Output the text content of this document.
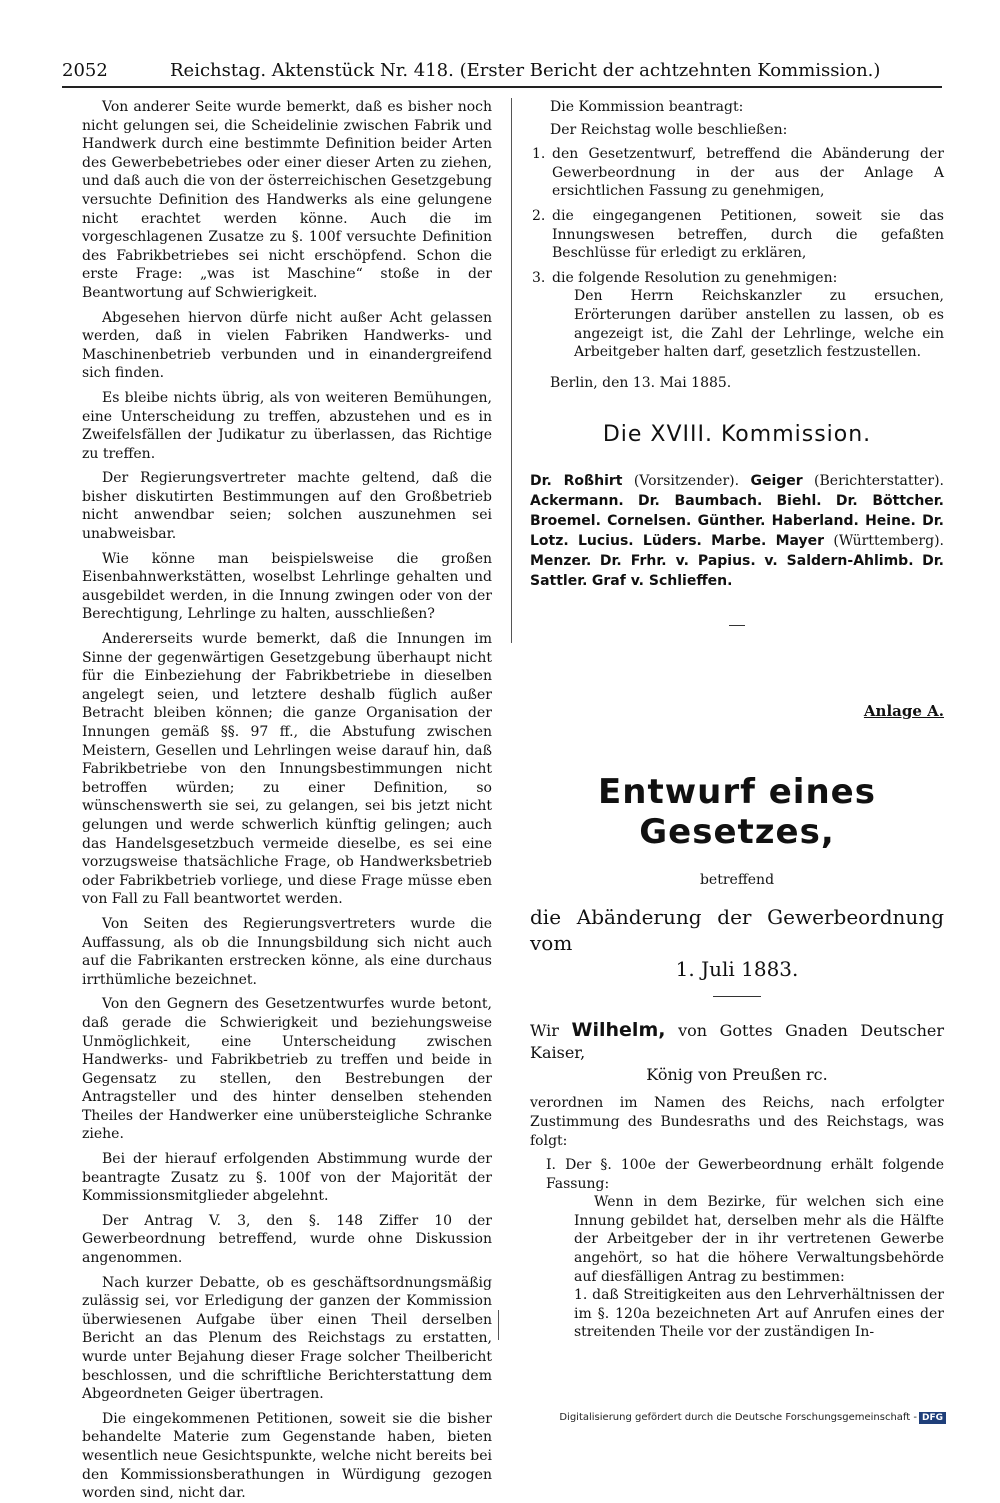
2052	Reichstag. Aktenstück Nr. 418. (Erster Bericht der achtzehnten Kommission.)

Von anderer Seite wurde bemerkt, daß es bisher noch nicht gelungen sei, die Scheidelinie zwischen Fabrik und Handwerk durch eine bestimmte Definition beider Arten des Gewerbebetriebes oder einer dieser Arten zu ziehen, und daß auch die von der österreichischen Gesetzgebung versuchte Definition des Handwerks als eine gelungene nicht erachtet werden könne. Auch die im vorgeschlagenen Zusatze zu §. 100f versuchte Definition des Fabrikbetriebes sei nicht erschöpfend. Schon die erste Frage: „was ist Maschine“ stoße in der Beantwortung auf Schwierigkeit.

Abgesehen hiervon dürfe nicht außer Acht gelassen werden, daß in vielen Fabriken Handwerks- und Maschinenbetrieb verbunden und in einandergreifend sich finden.

Es bleibe nichts übrig, als von weiteren Bemühungen, eine Unterscheidung zu treffen, abzustehen und es in Zweifelsfällen der Judikatur zu überlassen, das Richtige zu treffen.

Der Regierungsvertreter machte geltend, daß die bisher diskutirten Bestimmungen auf den Großbetrieb nicht anwendbar seien; solchen auszunehmen sei unabweisbar.

Wie könne man beispielsweise die großen Eisenbahnwerkstätten, woselbst Lehrlinge gehalten und ausgebildet werden, in die Innung zwingen oder von der Berechtigung, Lehrlinge zu halten, ausschließen?

Andererseits wurde bemerkt, daß die Innungen im Sinne der gegenwärtigen Gesetzgebung überhaupt nicht für die Einbeziehung der Fabrikbetriebe in dieselben angelegt seien, und letztere deshalb füglich außer Betracht bleiben können; die ganze Organisation der Innungen gemäß §§. 97 ff., die Abstufung zwischen Meistern, Gesellen und Lehrlingen weise darauf hin, daß Fabrikbetriebe von den Innungsbestimmungen nicht betroffen würden; zu einer Definition, so wünschenswerth sie sei, zu gelangen, sei bis jetzt nicht gelungen und werde schwerlich künftig gelingen; auch das Handelsgesetzbuch vermeide dieselbe, es sei eine vorzugsweise thatsächliche Frage, ob Handwerksbetrieb oder Fabrikbetrieb vorliege, und diese Frage müsse eben von Fall zu Fall beantwortet werden.

Von Seiten des Regierungsvertreters wurde die Auffassung, als ob die Innungsbildung sich nicht auch auf die Fabrikanten erstrecken könne, als eine durchaus irrthümliche bezeichnet.

Von den Gegnern des Gesetzentwurfes wurde betont, daß gerade die Schwierigkeit und beziehungsweise Unmöglichkeit, eine Unterscheidung zwischen Handwerks- und Fabrikbetrieb zu treffen und beide in Gegensatz zu stellen, den Bestrebungen der Antragsteller und des hinter denselben stehenden Theiles der Handwerker eine unübersteigliche Schranke ziehe.

Bei der hierauf erfolgenden Abstimmung wurde der beantragte Zusatz zu §. 100f von der Majorität der Kommissionsmitglieder abgelehnt.

Der Antrag V. 3, den §. 148 Ziffer 10 der Gewerbeordnung betreffend, wurde ohne Diskussion angenommen.

Nach kurzer Debatte, ob es geschäftsordnungsmäßig zulässig sei, vor Erledigung der ganzen der Kommission überwiesenen Aufgabe über einen Theil derselben Bericht an das Plenum des Reichstags zu erstatten, wurde unter Bejahung dieser Frage solcher Theilbericht beschlossen, und die schriftliche Berichterstattung dem Abgeordneten Geiger übertragen.

Die eingekommenen Petitionen, soweit sie die bisher behandelte Materie zum Gegenstande haben, bieten wesentlich neue Gesichtspunkte, welche nicht bereits bei den Kommissionsberathungen in Würdigung gezogen worden sind, nicht dar.

Die Kommission beantragt:

Der Reichstag wolle beschließen:

1. den Gesetzentwurf, betreffend die Abänderung der Gewerbeordnung in der aus der Anlage A ersichtlichen Fassung zu genehmigen,
2. die eingegangenen Petitionen, soweit sie das Innungswesen betreffen, durch die gefaßten Beschlüsse für erledigt zu erklären,
3. die folgende Resolution zu genehmigen:

Den Herrn Reichskanzler zu ersuchen, Erörterungen darüber anstellen zu lassen, ob es angezeigt ist, die Zahl der Lehrlinge, welche ein Arbeitgeber halten darf, gesetzlich festzustellen.

Berlin, den 13. Mai 1885.

Die XVIII. Kommission.
Dr. Roßhirt (Vorsitzender). Geiger (Berichterstatter). Ackermann. Dr. Baumbach. Biehl. Dr. Böttcher. Broemel. Cornelsen. Günther. Haberland. Heine. Dr. Lotz. Lucius. Lüders. Marbe. Mayer (Württemberg). Menzer. Dr. Frhr. v. Papius. v. Saldern-Ahlimb. Dr. Sattler. Graf v. Schlieffen.
Anlage A.
Entwurf eines Gesetzes,
betreffend
die Abänderung der Gewerbeordnung vom
1. Juli 1883.
Wir Wilhelm, von Gottes Gnaden Deutscher Kaiser,
König von Preußen rc.

verordnen im Namen des Reichs, nach erfolgter Zustimmung des Bundesraths und des Reichstags, was folgt:

I. Der §. 100e der Gewerbeordnung erhält folgende Fassung:

Wenn in dem Bezirke, für welchen sich eine Innung gebildet hat, derselben mehr als die Hälfte der Arbeitgeber der in ihr vertretenen Gewerbe angehört, so hat die höhere Verwaltungsbehörde auf diesfälligen Antrag zu bestimmen:

1. daß Streitigkeiten aus den Lehrverhältnissen der im §. 120a bezeichneten Art auf Anrufen eines der streitenden Theile vor der zuständigen In-

Digitalisierung gefördert durch die Deutsche Forschungsgemeinschaft - DFG
